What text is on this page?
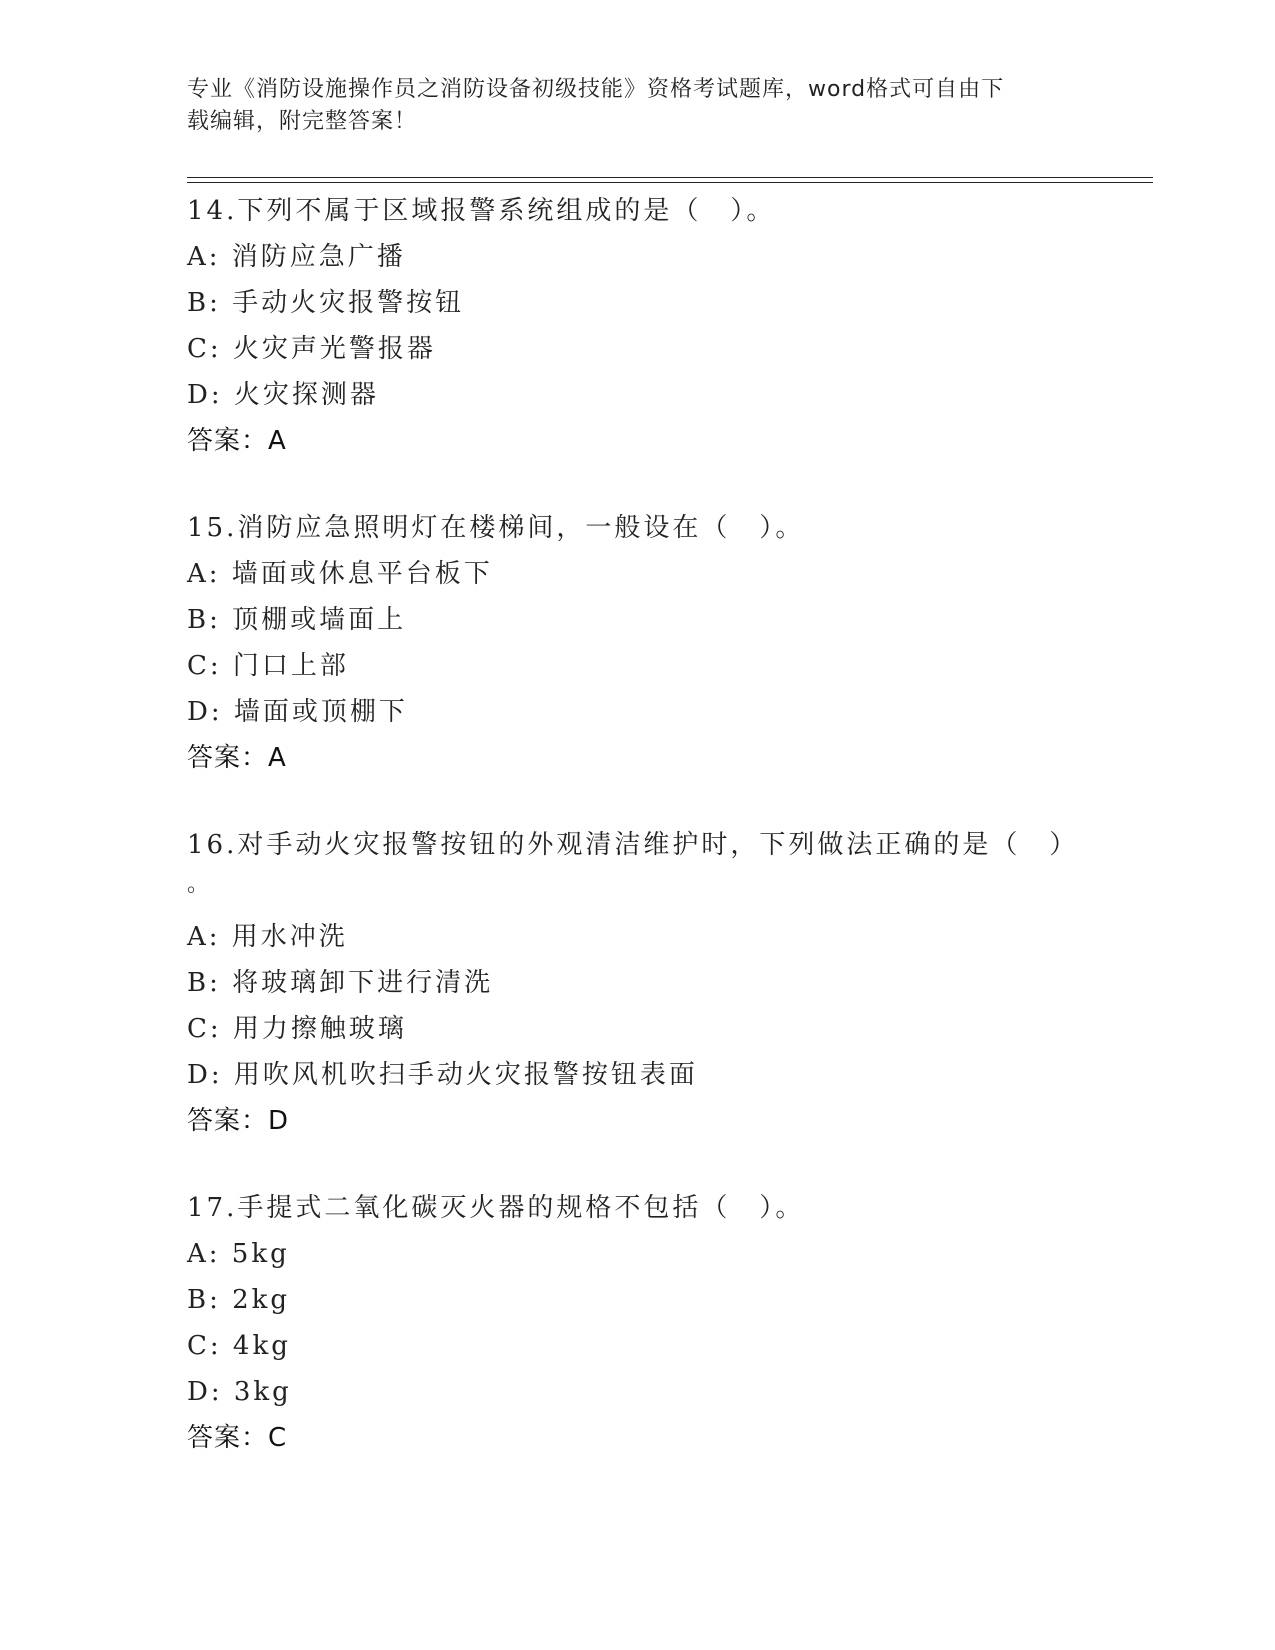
专业《消防设施操作员之消防设备初级技能》资格考试题库，word格式可自由下
载编辑，附完整答案！
14.下列不属于区域报警系统组成的是（　）。
A: 消防应急广播
B: 手动火灾报警按钮
C: 火灾声光警报器
D: 火灾探测器
答案：A
15.消防应急照明灯在楼梯间，一般设在（　）。
A: 墙面或休息平台板下
B: 顶棚或墙面上
C: 门口上部
D: 墙面或顶棚下
答案：A
16.对手动火灾报警按钮的外观清洁维护时，下列做法正确的是（　）
。
A: 用水冲洗
B: 将玻璃卸下进行清洗
C: 用力擦触玻璃
D: 用吹风机吹扫手动火灾报警按钮表面
答案：D
17.手提式二氧化碳灭火器的规格不包括（　）。
A: 5kg
B: 2kg
C: 4kg
D: 3kg
答案：C
